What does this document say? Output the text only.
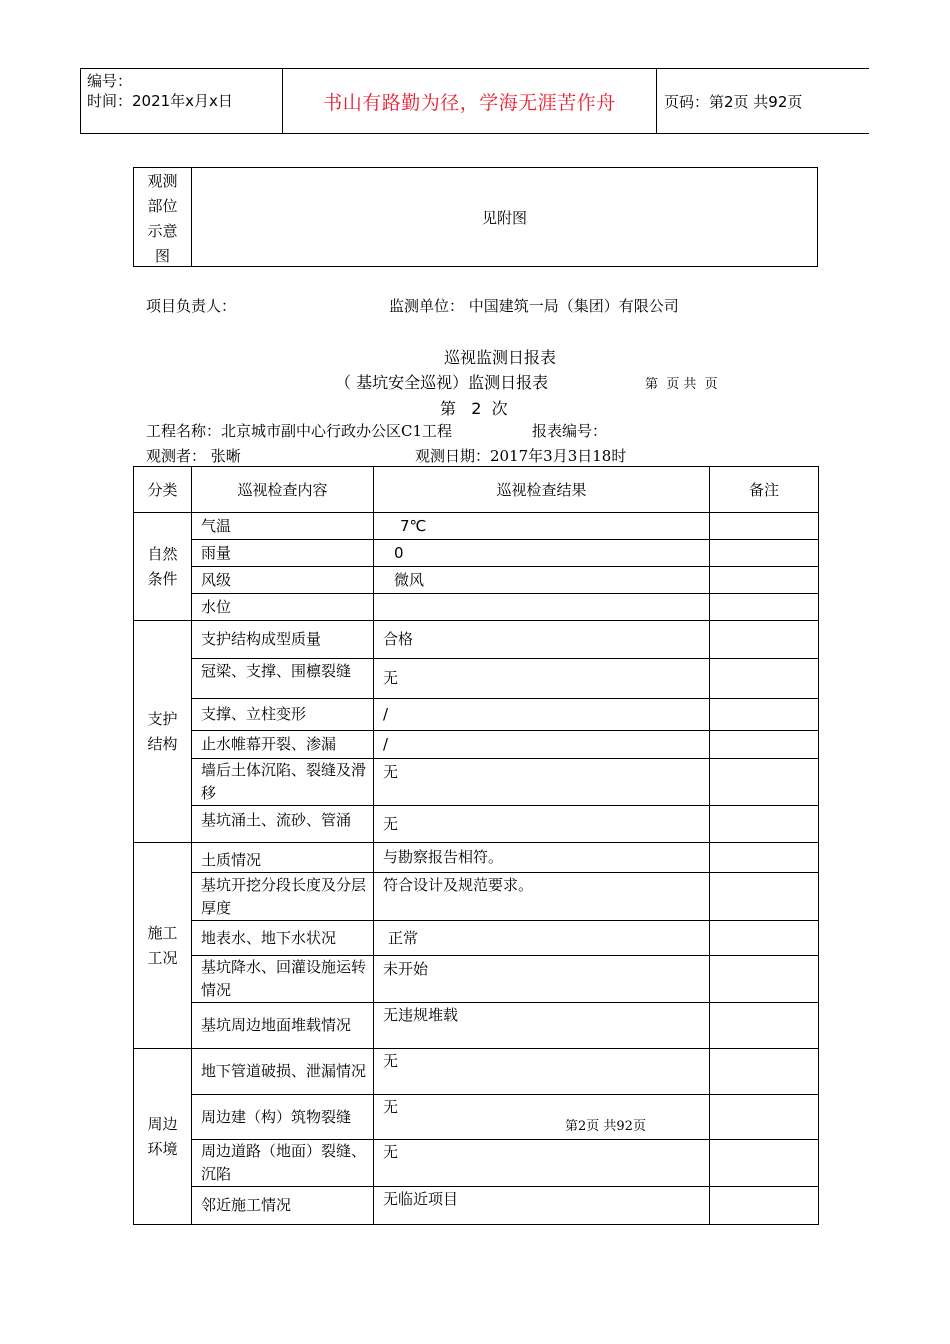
编号：
时间：2021年x月x日	书山有路勤为径，学海无涯苦作舟	页码：第2页 共92页
观测
部位
示意
图
见附图
项目负责人：	监测单位： 中国建筑一局（集团）有限公司
巡视监测日报表
（ 基坑安全巡视）监测日报表	第  页 共  页
第   2  次
工程名称：北京城市副中心行政办公区C1工程	报表编号：
观测者： 张晰	观测日期：2017年3月3日18时
分类	巡视检查内容	巡视检查结果	备注

自然
条件	气温	7℃	
	雨量	0	
	风级	微风	
	水位		

支护
结构	支护结构成型质量	合格	

	冠梁、支撑、围檩裂缝	无	
	支撑、立柱变形	/	
	止水帷幕开裂、渗漏	/	
	墙后土体沉陷、裂缝及滑移	无	

	基坑涌土、流砂、管涌	无	

施工
工况	土质情况	与勘察报告相符。	
	基坑开挖分段长度及分层厚度	符合设计及规范要求。	
	地表水、地下水状况	正常	
	基坑降水、回灌设施运转情况	未开始	
	基坑周边地面堆载情况	无违规堆载	

周边
环境	地下管道破损、泄漏情况	无	
	周边建（构）筑物裂缝	无	
	周边道路（地面）裂缝、沉陷	无	
	邻近施工情况	无临近项目	
第2页 共92页
